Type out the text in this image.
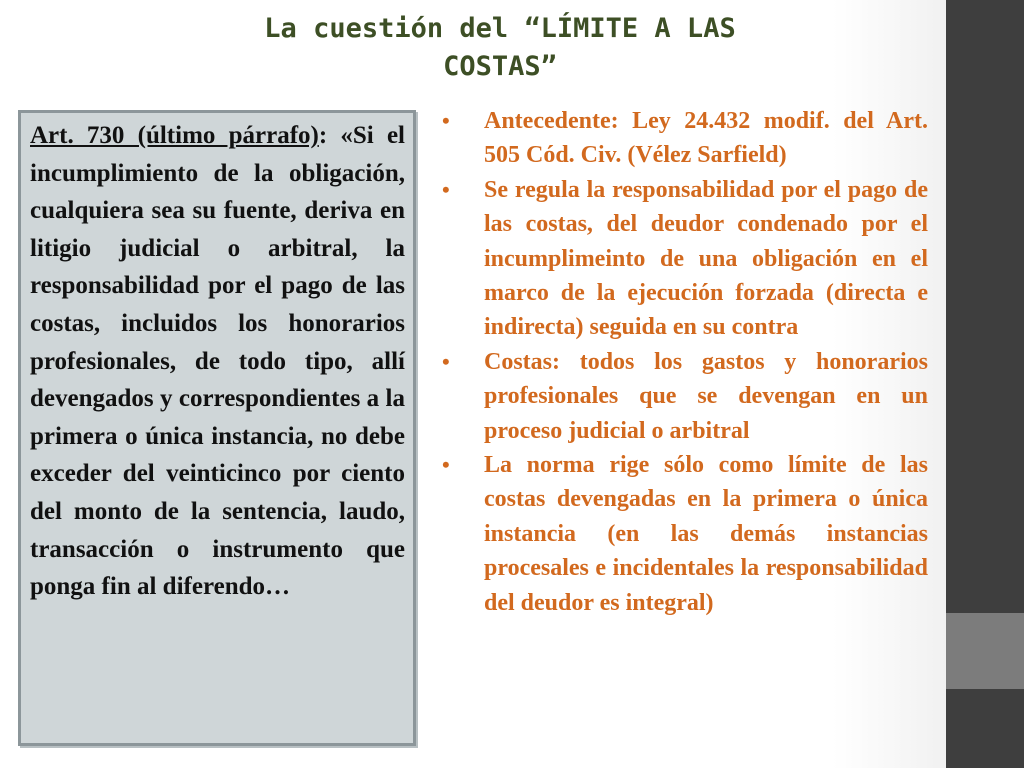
La cuestión del “LÍMITE A LAS
COSTAS”

Art. 730 (último párrafo): «Si el incumplimiento de la obligación, cualquiera sea su fuente, deriva en litigio judicial o arbitral, la responsabilidad por el pago de las costas, incluidos los honorarios profesionales, de todo tipo, allí devengados y correspondientes a la primera o única instancia, no debe exceder del veinticinco por ciento del monto de la sentencia, laudo, transacción o instrumento que ponga fin al diferendo…

• Antecedente: Ley 24.432 modif. del Art. 505 Cód. Civ. (Vélez Sarfield)
• Se regula la responsabilidad por el pago de las costas, del deudor condenado por el incumplimeinto de una obligación en el marco de la ejecución forzada (directa e indirecta) seguida en su contra
• Costas: todos los gastos y honorarios profesionales que se devengan en un proceso judicial o arbitral
• La norma rige sólo como límite de las costas devengadas en la primera o única instancia (en las demás instancias procesales e incidentales la responsabilidad del deudor es integral)
